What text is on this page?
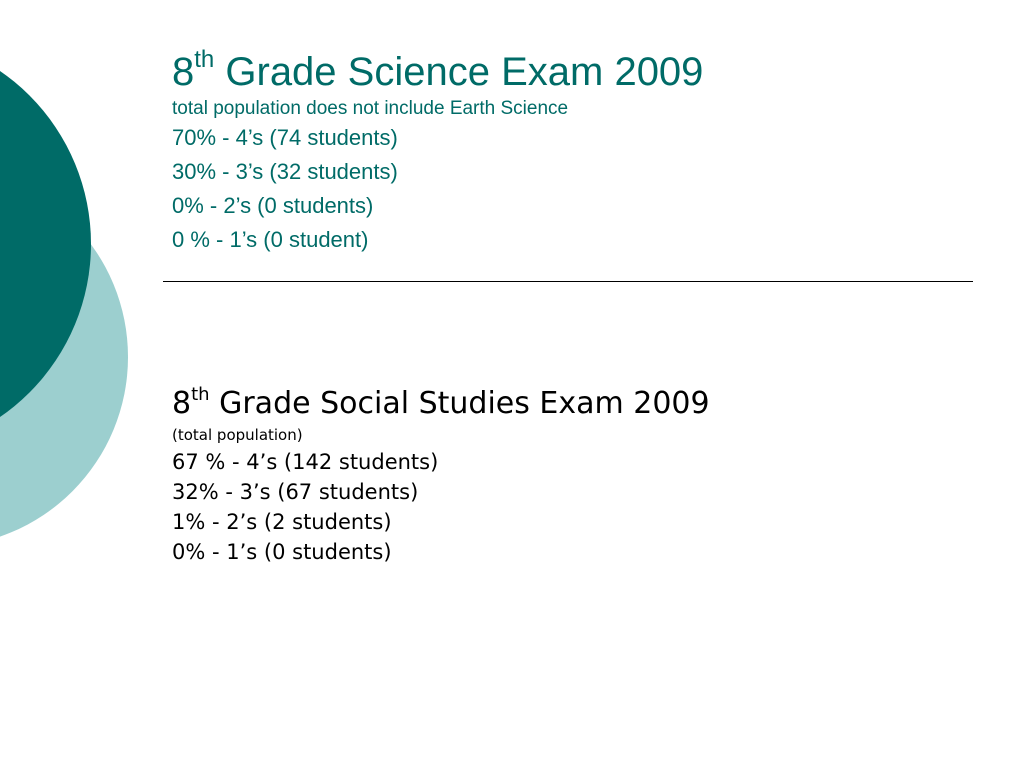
8th Grade Science Exam 2009
total population does not include Earth Science
70% - 4’s (74 students)
30% - 3’s (32 students)
0% - 2’s (0 students)
0 % - 1’s (0 student)
8th Grade Social Studies Exam 2009
(total population)
67 % - 4’s (142 students)
32% - 3’s (67 students)
1% - 2’s (2 students)
0% - 1’s (0 students)
